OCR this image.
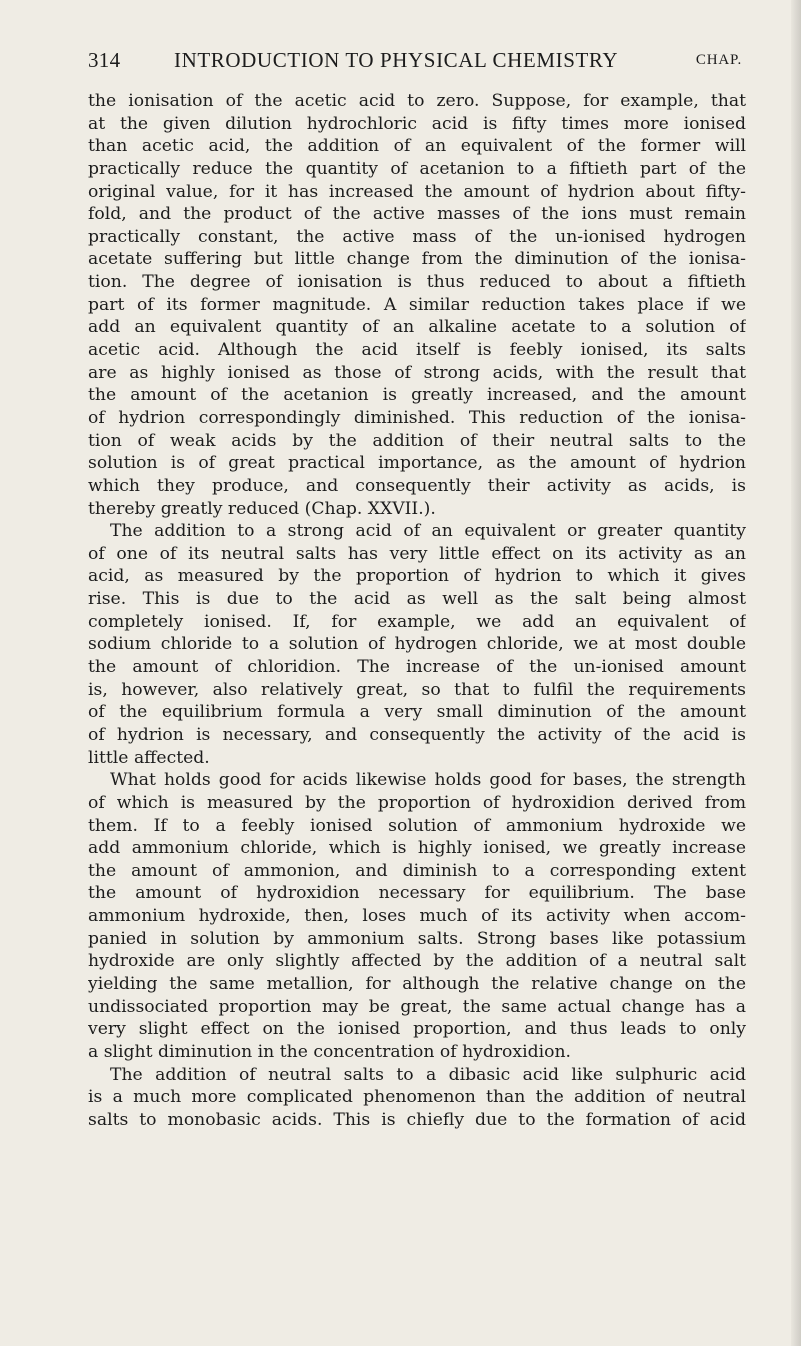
314	INTRODUCTION TO PHYSICAL CHEMISTRY	CHAP.
the ionisation of the acetic acid to zero. Suppose, for example, that
at the given dilution hydrochloric acid is fifty times more ionised
than acetic acid, the addition of an equivalent of the former will
practically reduce the quantity of acetanion to a fiftieth part of the
original value, for it has increased the amount of hydrion about fifty-
fold, and the product of the active masses of the ions must remain
practically constant, the active mass of the un-ionised hydrogen
acetate suffering but little change from the diminution of the ionisa-
tion. The degree of ionisation is thus reduced to about a fiftieth
part of its former magnitude. A similar reduction takes place if we
add an equivalent quantity of an alkaline acetate to a solution of
acetic acid. Although the acid itself is feebly ionised, its salts
are as highly ionised as those of strong acids, with the result that
the amount of the acetanion is greatly increased, and the amount
of hydrion correspondingly diminished. This reduction of the ionisa-
tion of weak acids by the addition of their neutral salts to the
solution is of great practical importance, as the amount of hydrion
which they produce, and consequently their activity as acids, is
thereby greatly reduced (Chap. XXVII.).
The addition to a strong acid of an equivalent or greater quantity
of one of its neutral salts has very little effect on its activity as an
acid, as measured by the proportion of hydrion to which it gives
rise. This is due to the acid as well as the salt being almost
completely ionised. If, for example, we add an equivalent of
sodium chloride to a solution of hydrogen chloride, we at most double
the amount of chloridion. The increase of the un-ionised amount
is, however, also relatively great, so that to fulfil the requirements
of the equilibrium formula a very small diminution of the amount
of hydrion is necessary, and consequently the activity of the acid is
little affected.
What holds good for acids likewise holds good for bases, the strength
of which is measured by the proportion of hydroxidion derived from
them. If to a feebly ionised solution of ammonium hydroxide we
add ammonium chloride, which is highly ionised, we greatly increase
the amount of ammonion, and diminish to a corresponding extent
the amount of hydroxidion necessary for equilibrium. The base
ammonium hydroxide, then, loses much of its activity when accom-
panied in solution by ammonium salts. Strong bases like potassium
hydroxide are only slightly affected by the addition of a neutral salt
yielding the same metallion, for although the relative change on the
undissociated proportion may be great, the same actual change has a
very slight effect on the ionised proportion, and thus leads to only
a slight diminution in the concentration of hydroxidion.
The addition of neutral salts to a dibasic acid like sulphuric acid
is a much more complicated phenomenon than the addition of neutral
salts to monobasic acids. This is chiefly due to the formation of acid
